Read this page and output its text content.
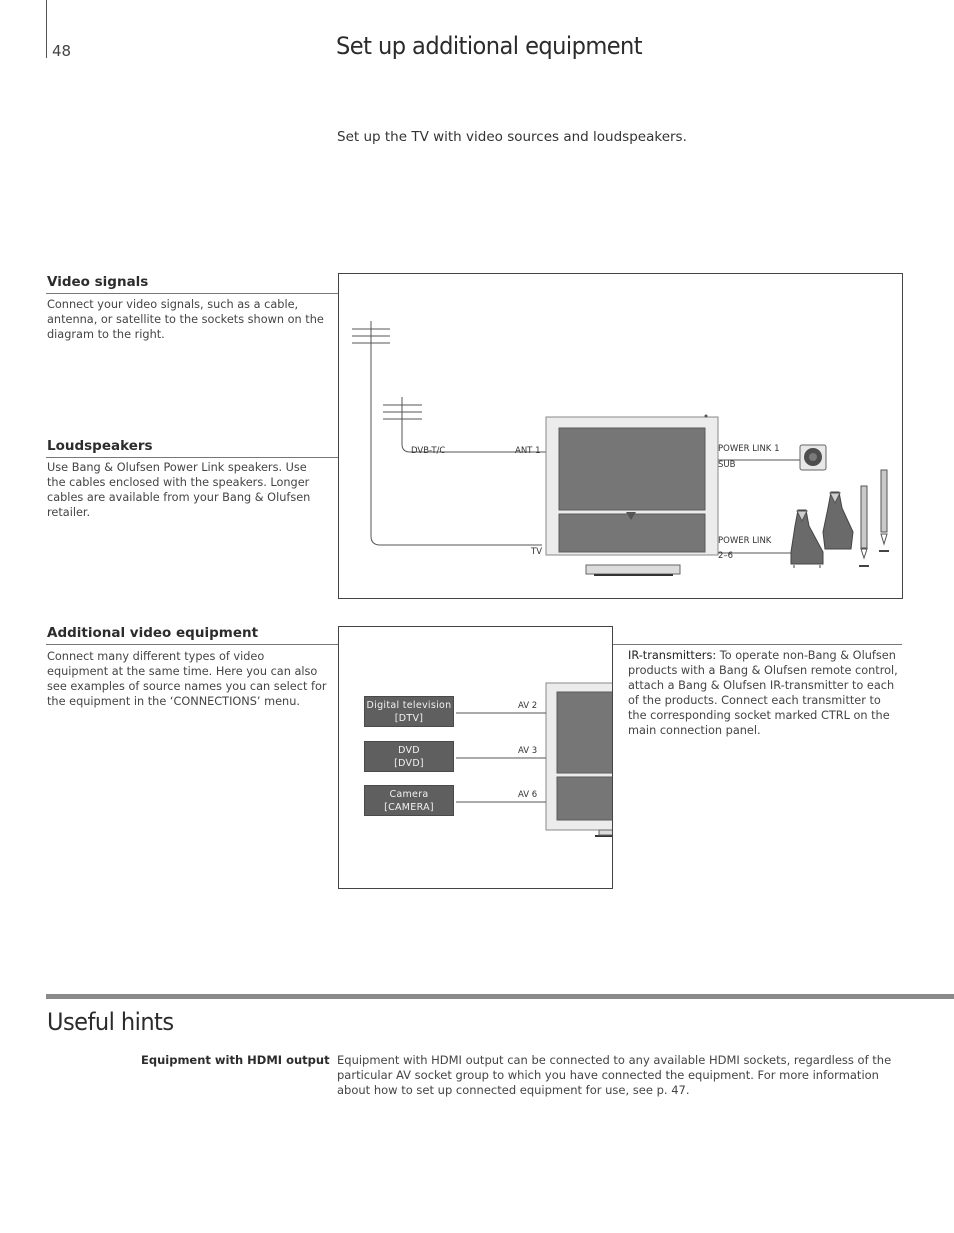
48	Set up additional equipment
Set up the TV with video sources and loudspeakers.
Video signals
Connect your video signals, such as a cable, antenna, or satellite to the sockets shown on the diagram to the right.
Loudspeakers
Use Bang & Olufsen Power Link speakers. Use the cables enclosed with the speakers. Longer cables are available from your Bang & Olufsen retailer.
DVB-T/C	ANT 1
TV
POWER LINK 1
SUB
POWER LINK
2–6
Additional video equipment
Connect many different types of video equipment at the same time. Here you can also see examples of source names you can select for the equipment in the ‘CONNECTIONS’ menu.	Digital television
[DTV]
DVD
[DVD]
Camera
[CAMERA]
AV 2
AV 3
AV 6
IR-transmitters: To operate non-Bang & Olufsen products with a Bang & Olufsen remote control, attach a Bang & Olufsen IR-transmitter to each of the products. Connect each transmitter to the corresponding socket marked CTRL on the main connection panel.
Useful hints
Equipment with HDMI output Equipment with HDMI output can be connected to any available HDMI sockets, regardless of the particular AV socket group to which you have connected the equipment. For more information about how to set up connected equipment for use, see p. 47.
